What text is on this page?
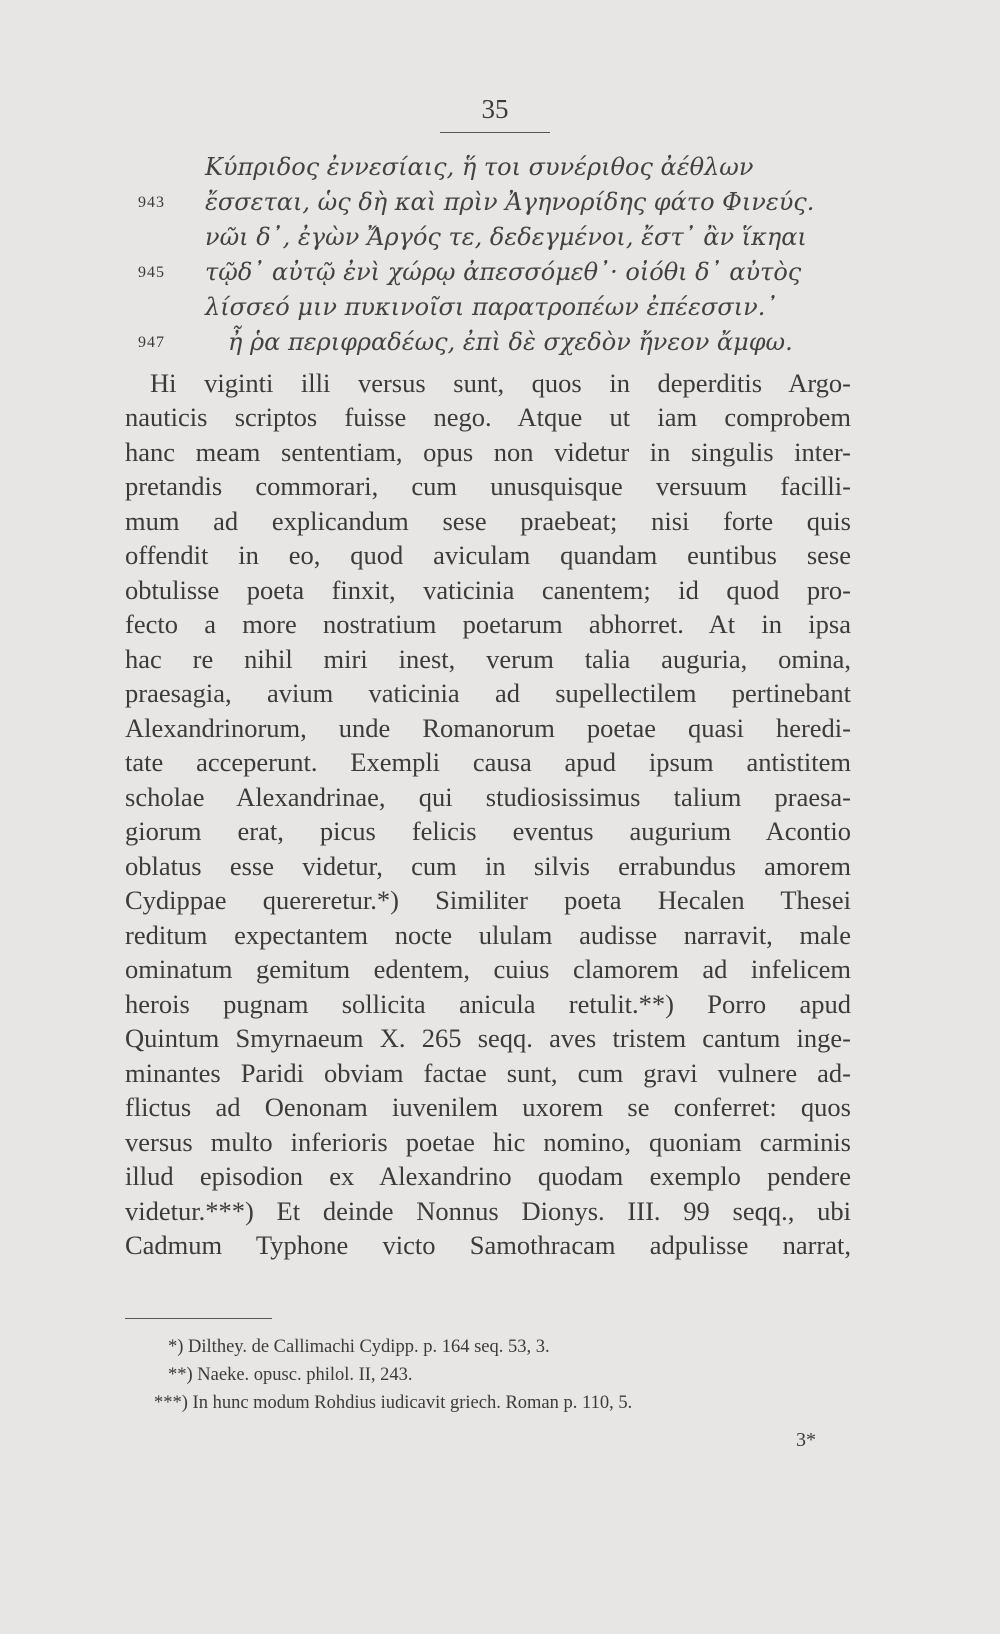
35
Κύπριδος ἐννεσίαις, ἥ τοι συνέριθος ἀέθλων
943	ἔσσεται, ὡς δὴ καὶ πρὶν Ἀγηνορίδης φάτο Φινεύς.
νῶι δ᾽, ἐγὼν Ἄργός τε, δεδεγμένοι, ἔστ᾽ ἂν ἵκηαι
945	τῷδ᾽ αὐτῷ ἐνὶ χώρῳ ἀπεσσόμεθ᾽· οἰόθι δ᾽ αὐτὸς
λίσσεό μιν πυκινοῖσι παρατροπέων ἐπέεσσιν.᾽
947	ἦ ῥα περιφραδέως, ἐπὶ δὲ σχεδὸν ἤνεον ἄμφω.
Hi viginti illi versus sunt, quos in deperditis Argo-
nauticis scriptos fuisse nego. Atque ut iam comprobem
hanc meam sententiam, opus non videtur in singulis inter-
pretandis commorari, cum unusquisque versuum facilli-
mum ad explicandum sese praebeat; nisi forte quis
offendit in eo, quod aviculam quandam euntibus sese
obtulisse poeta finxit, vaticinia canentem; id quod pro-
fecto a more nostratium poetarum abhorret. At in ipsa
hac re nihil miri inest, verum talia auguria, omina,
praesagia, avium vaticinia ad supellectilem pertinebant
Alexandrinorum, unde Romanorum poetae quasi heredi-
tate acceperunt. Exempli causa apud ipsum antistitem
scholae Alexandrinae, qui studiosissimus talium praesa-
giorum erat, picus felicis eventus augurium Acontio
oblatus esse videtur, cum in silvis errabundus amorem
Cydippae quereretur.*) Similiter poeta Hecalen Thesei
reditum expectantem nocte ululam audisse narravit, male
ominatum gemitum edentem, cuius clamorem ad infelicem
herois pugnam sollicita anicula retulit.**) Porro apud
Quintum Smyrnaeum X. 265 seqq. aves tristem cantum inge-
minantes Paridi obviam factae sunt, cum gravi vulnere ad-
flictus ad Oenonam iuvenilem uxorem se conferret: quos
versus multo inferioris poetae hic nomino, quoniam carminis
illud episodion ex Alexandrino quodam exemplo pendere
videtur.***) Et deinde Nonnus Dionys. III. 99 seqq., ubi
Cadmum Typhone victo Samothracam adpulisse narrat,
*) Dilthey. de Callimachi Cydipp. p. 164 seq. 53, 3.
**) Naeke. opusc. philol. II, 243.
***) In hunc modum Rohdius iudicavit griech. Roman p. 110, 5.
3*
